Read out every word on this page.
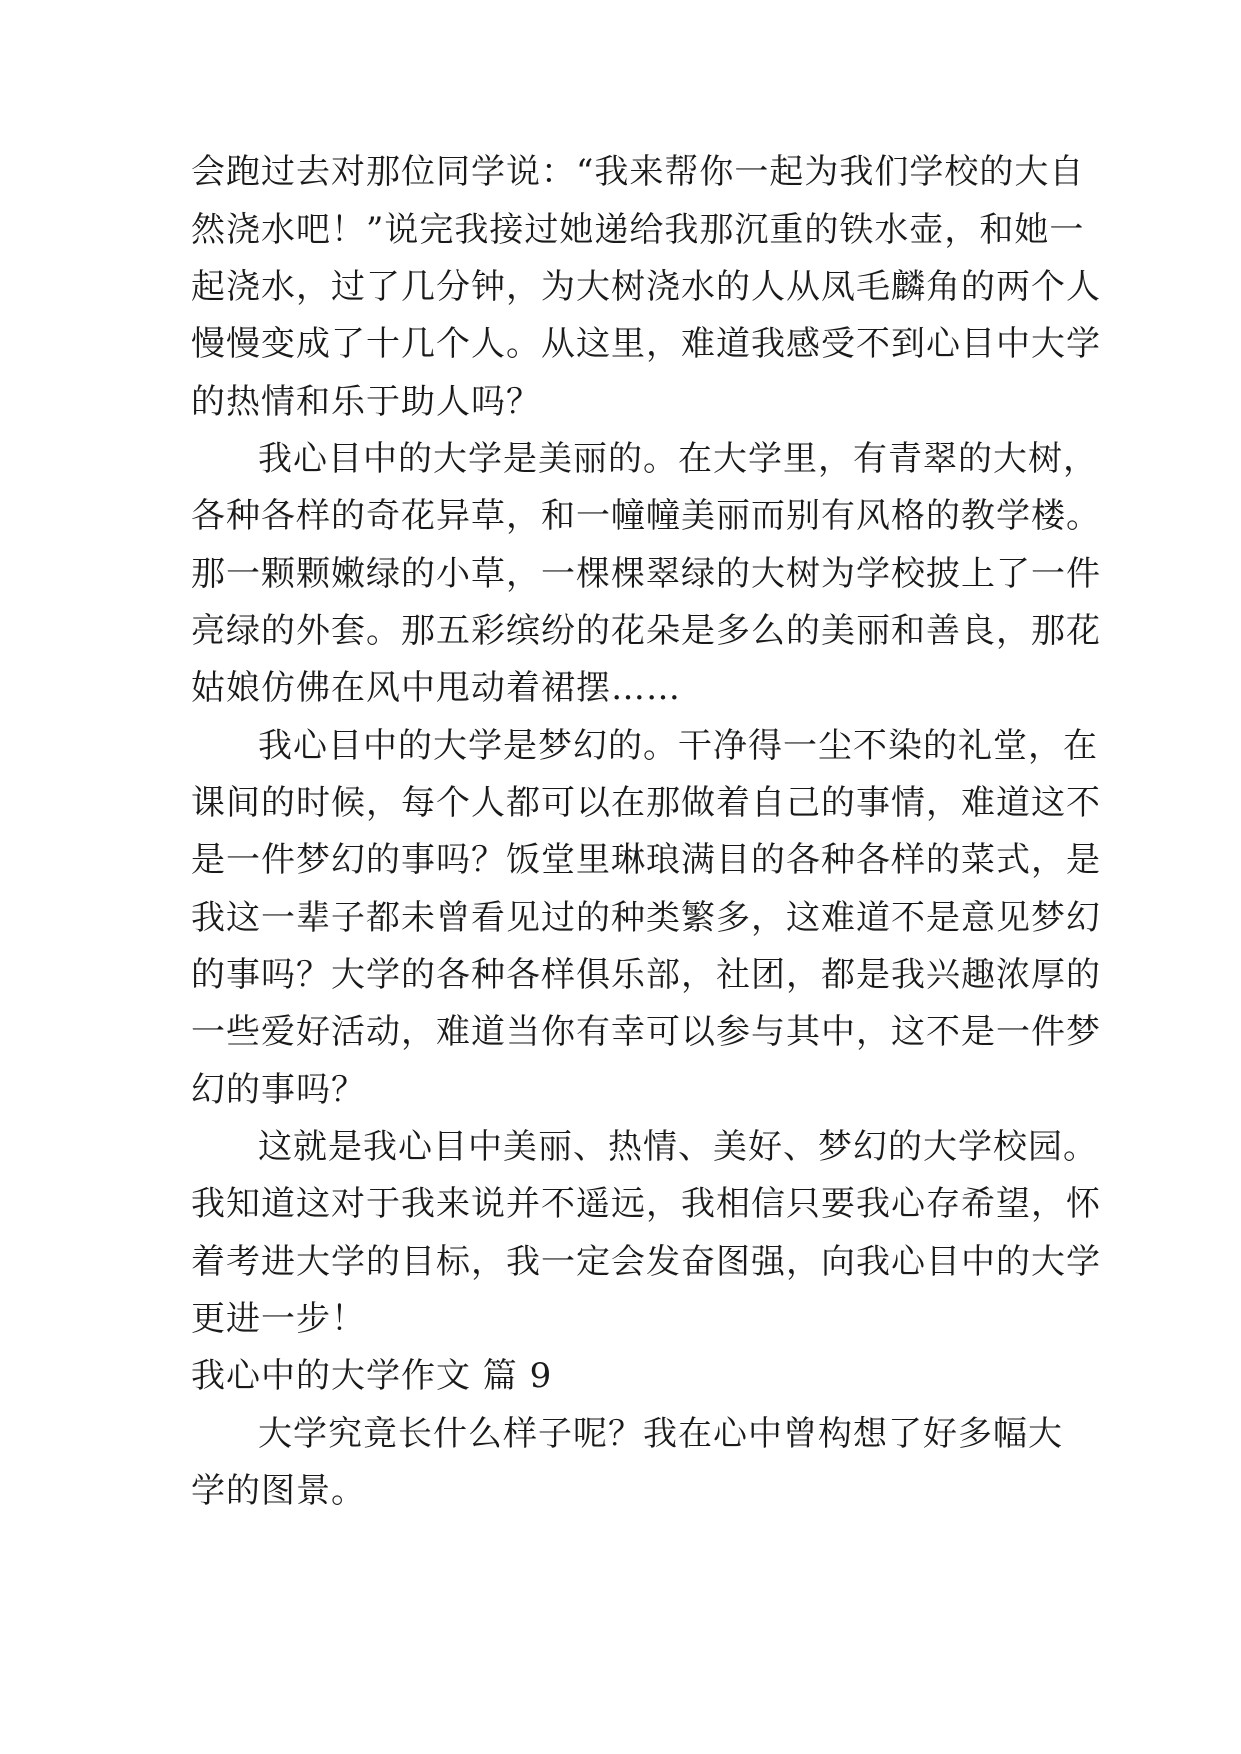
会跑过去对那位同学说：“我来帮你一起为我们学校的大自
然浇水吧！”说完我接过她递给我那沉重的铁水壶，和她一
起浇水，过了几分钟，为大树浇水的人从凤毛麟角的两个人
慢慢变成了十几个人。从这里，难道我感受不到心目中大学
的热情和乐于助人吗？
我心目中的大学是美丽的。在大学里，有青翠的大树，
各种各样的奇花异草，和一幢幢美丽而别有风格的教学楼。
那一颗颗嫩绿的小草，一棵棵翠绿的大树为学校披上了一件
亮绿的外套。那五彩缤纷的花朵是多么的美丽和善良，那花
姑娘仿佛在风中甩动着裙摆……
我心目中的大学是梦幻的。干净得一尘不染的礼堂，在
课间的时候，每个人都可以在那做着自己的事情，难道这不
是一件梦幻的事吗？饭堂里琳琅满目的各种各样的菜式，是
我这一辈子都未曾看见过的种类繁多，这难道不是意见梦幻
的事吗？大学的各种各样俱乐部，社团，都是我兴趣浓厚的
一些爱好活动，难道当你有幸可以参与其中，这不是一件梦
幻的事吗？
这就是我心目中美丽、热情、美好、梦幻的大学校园。
我知道这对于我来说并不遥远，我相信只要我心存希望，怀
着考进大学的目标，我一定会发奋图强，向我心目中的大学
更进一步！
我心中的大学作文 篇 9
大学究竟长什么样子呢？我在心中曾构想了好多幅大
学的图景。
